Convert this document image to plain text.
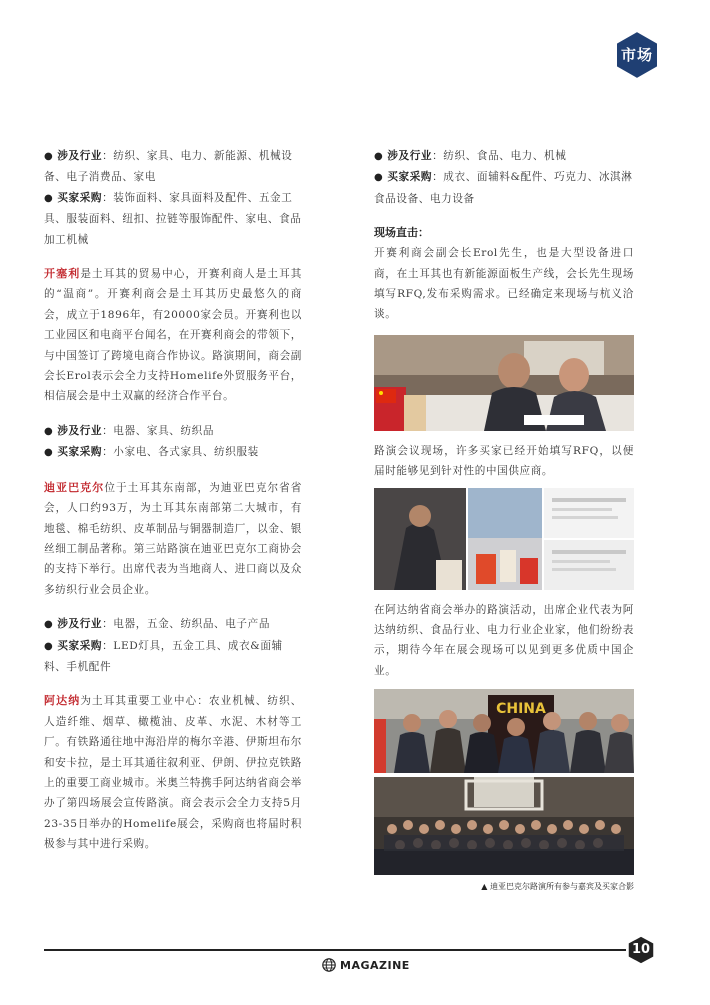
市场
● 涉及行业：纺织、家具、电力、新能源、机械设备、电子消费品、家电
● 买家采购：装饰面料、家具面料及配件、五金工具、服装面料、纽扣、拉链等服饰配件、家电、食品加工机械

开塞利是土耳其的贸易中心，开赛利商人是土耳其的“温商”。开赛利商会是土耳其历史最悠久的商会，成立于1896年，有20000家会员。开赛利也以工业园区和电商平台闻名，在开赛利商会的带领下，与中国签订了跨境电商合作协议。路演期间，商会副会长Erol表示会全力支持Homelife外贸服务平台，相信展会是中土双赢的经济合作平台。

● 涉及行业：电器、家具、纺织品
● 买家采购：小家电、各式家具、纺织服装

迪亚巴克尔位于土耳其东南部，为迪亚巴克尔省省会，人口约93万，为土耳其东南部第二大城市，有地毯、棉毛纺织、皮革制品与铜器制造厂，以金、银丝细工制品著称。第三站路演在迪亚巴克尔工商协会的支持下举行。出席代表为当地商人、进口商以及众多纺织行业会员企业。

● 涉及行业：电器，五金、纺织品、电子产品
● 买家采购：LED灯具，五金工具、成衣&面辅料、手机配件

阿达纳为土耳其重要工业中心：农业机械、纺织、人造纤维、烟草、橄榄油、皮革、水泥、木材等工厂。有铁路通往地中海沿岸的梅尔辛港、伊斯坦布尔和安卡拉，是土耳其通往叙利亚、伊朗、伊拉克铁路上的重要工商业城市。米奥兰特携手阿达纳省商会举办了第四场展会宣传路演。商会表示会全力支持5月23-35日举办的Homelife展会，采购商也将届时积极参与其中进行采购。

● 涉及行业：纺织、食品、电力、机械
● 买家采购：成衣、面辅料&配件、巧克力、冰淇淋食品设备、电力设备
现场直击：

开赛利商会副会长Erol先生，也是大型设备进口商，在土耳其也有新能源面板生产线，会长先生现场填写RFQ,发布采购需求。已经确定来现场与杭义洽谈。

路演会议现场，许多买家已经开始填写RFQ，以便届时能够见到针对性的中国供应商。

在阿达纳省商会举办的路演活动，出席企业代表为阿达纳纺织、食品行业、电力行业企业家，他们纷纷表示，期待今年在展会现场可以见到更多优质中国企业。

CHINA
▲ 迪亚巴克尔路演所有参与嘉宾及买家合影
10
MAGAZINE
